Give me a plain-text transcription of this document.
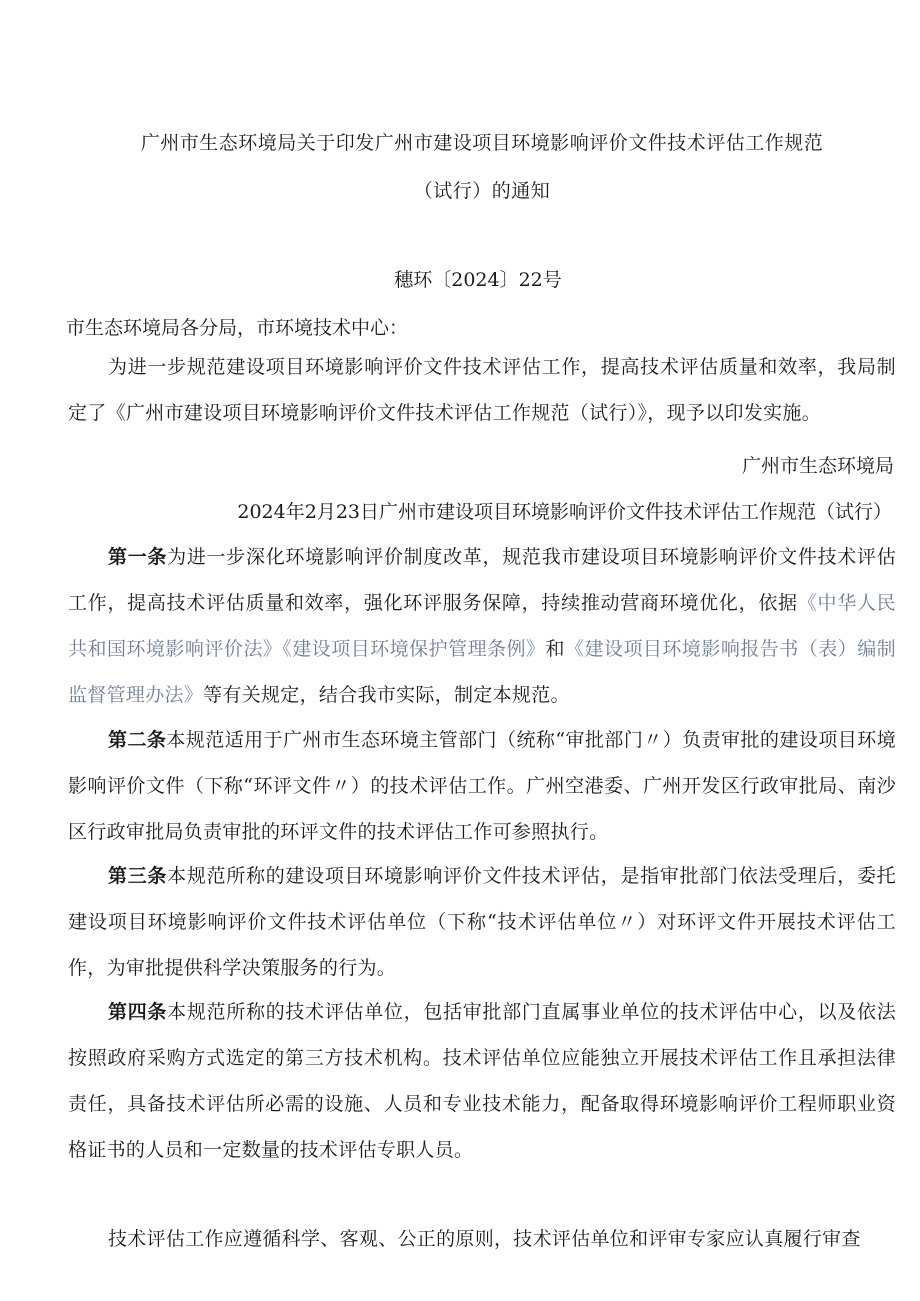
广州市生态环境局关于印发广州市建设项目环境影响评价文件技术评估工作规范
（试行）的通知
穗环〔2024〕22号
市生态环境局各分局，市环境技术中心：
为进一步规范建设项目环境影响评价文件技术评估工作，提高技术评估质量和效率，我局制定了《广州市建设项目环境影响评价文件技术评估工作规范（试行）》，现予以印发实施。
广州市生态环境局
2024年2月23日广州市建设项目环境影响评价文件技术评估工作规范（试行）
第一条为进一步深化环境影响评价制度改革，规范我市建设项目环境影响评价文件技术评估工作，提高技术评估质量和效率，强化环评服务保障，持续推动营商环境优化，依据《中华人民共和国环境影响评价法》《建设项目环境保护管理条例》和《建设项目环境影响报告书（表）编制监督管理办法》等有关规定，结合我市实际，制定本规范。
第二条本规范适用于广州市生态环境主管部门（统称“审批部门〃）负责审批的建设项目环境影响评价文件（下称“环评文件〃）的技术评估工作。广州空港委、广州开发区行政审批局、南沙区行政审批局负责审批的环评文件的技术评估工作可参照执行。
第三条本规范所称的建设项目环境影响评价文件技术评估，是指审批部门依法受理后，委托建设项目环境影响评价文件技术评估单位（下称“技术评估单位〃）对环评文件开展技术评估工作，为审批提供科学决策服务的行为。
第四条本规范所称的技术评估单位，包括审批部门直属事业单位的技术评估中心，以及依法按照政府采购方式选定的第三方技术机构。技术评估单位应能独立开展技术评估工作且承担法律责任，具备技术评估所必需的设施、人员和专业技术能力，配备取得环境影响评价工程师职业资格证书的人员和一定数量的技术评估专职人员。
技术评估工作应遵循科学、客观、公正的原则，技术评估单位和评审专家应认真履行审查
